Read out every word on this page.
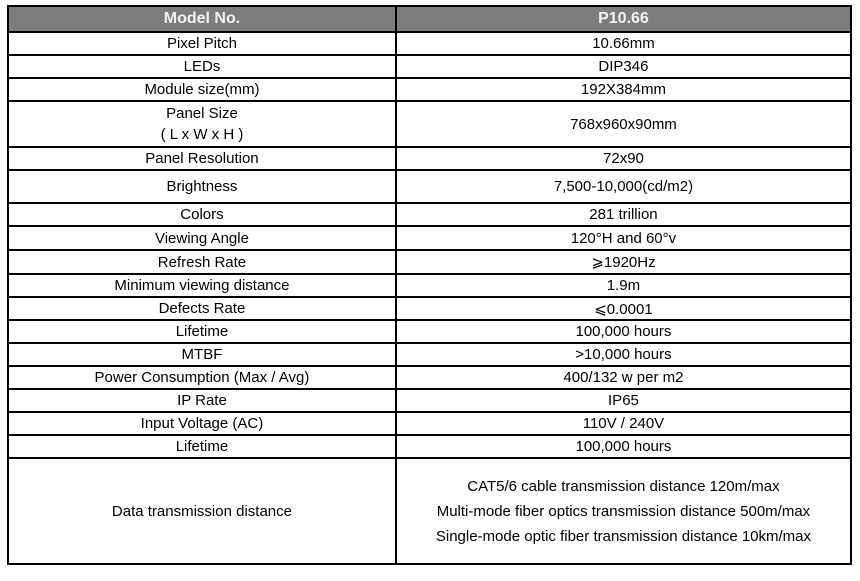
Model No.	P10.66
Pixel Pitch	10.66mm
LEDs	DIP346
Module size(mm)	192X384mm

Panel Size
( L x W x H )	768x960x90mm
Panel Resolution	72x90
Brightness	7,500-10,000(cd/m2)
Colors	281 trillion
Viewing Angle	120°H and 60°v
Refresh Rate	⩾1920Hz
Minimum viewing distance	1.9m
Defects Rate	⩽0.0001
Lifetime	100,000 hours
MTBF	>10,000 hours
Power Consumption (Max / Avg)	400/132 w per m2
IP Rate	IP65
Input Voltage (AC)	110V / 240V
Lifetime	100,000 hours
Data transmission distance	CAT5/6 cable transmission distance 120m/max
Multi-mode fiber optics transmission distance 500m/max
Single-mode optic fiber transmission distance 10km/max
